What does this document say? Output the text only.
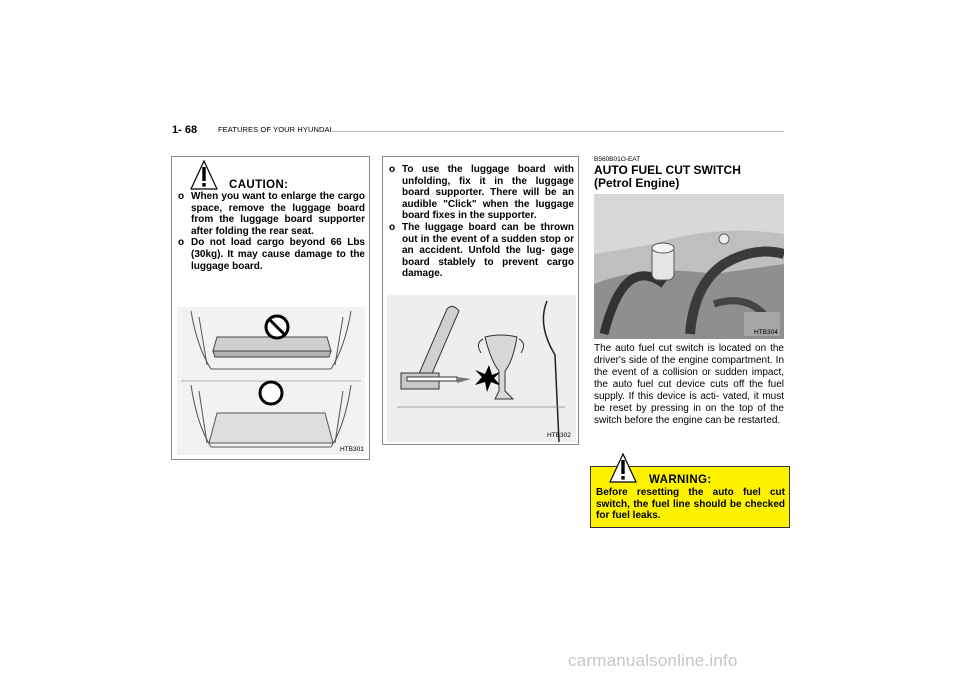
1- 68	FEATURES OF YOUR HYUNDAI
CAUTION:
o When you want to enlarge the cargo space, remove the luggage board from the luggage board supporter after folding the rear seat.
o Do not load cargo beyond 66 Lbs (30kg). It may cause damage to the luggage board.
HTB301
o To use the luggage board with unfolding, fix it in the luggage board supporter. There will be an audible "Click" when the luggage board fixes in the supporter.
o The luggage board can be thrown out in the event of a sudden stop or an accident. Unfold the lug- gage board stablely to prevent cargo damage.
HTB302
B560B01O-EAT
AUTO FUEL CUT SWITCH
(Petrol Engine)
HTB304

The auto fuel cut switch is located on the driver's side of the engine compartment. In the event of a collision or sudden impact, the auto fuel cut device cuts off the fuel supply. If this device is acti- vated, it must be reset by pressing in on the top of the switch before the engine can be restarted.

WARNING:

Before resetting the auto fuel cut switch, the fuel line should be checked for fuel leaks.

carmanualsonline.info
